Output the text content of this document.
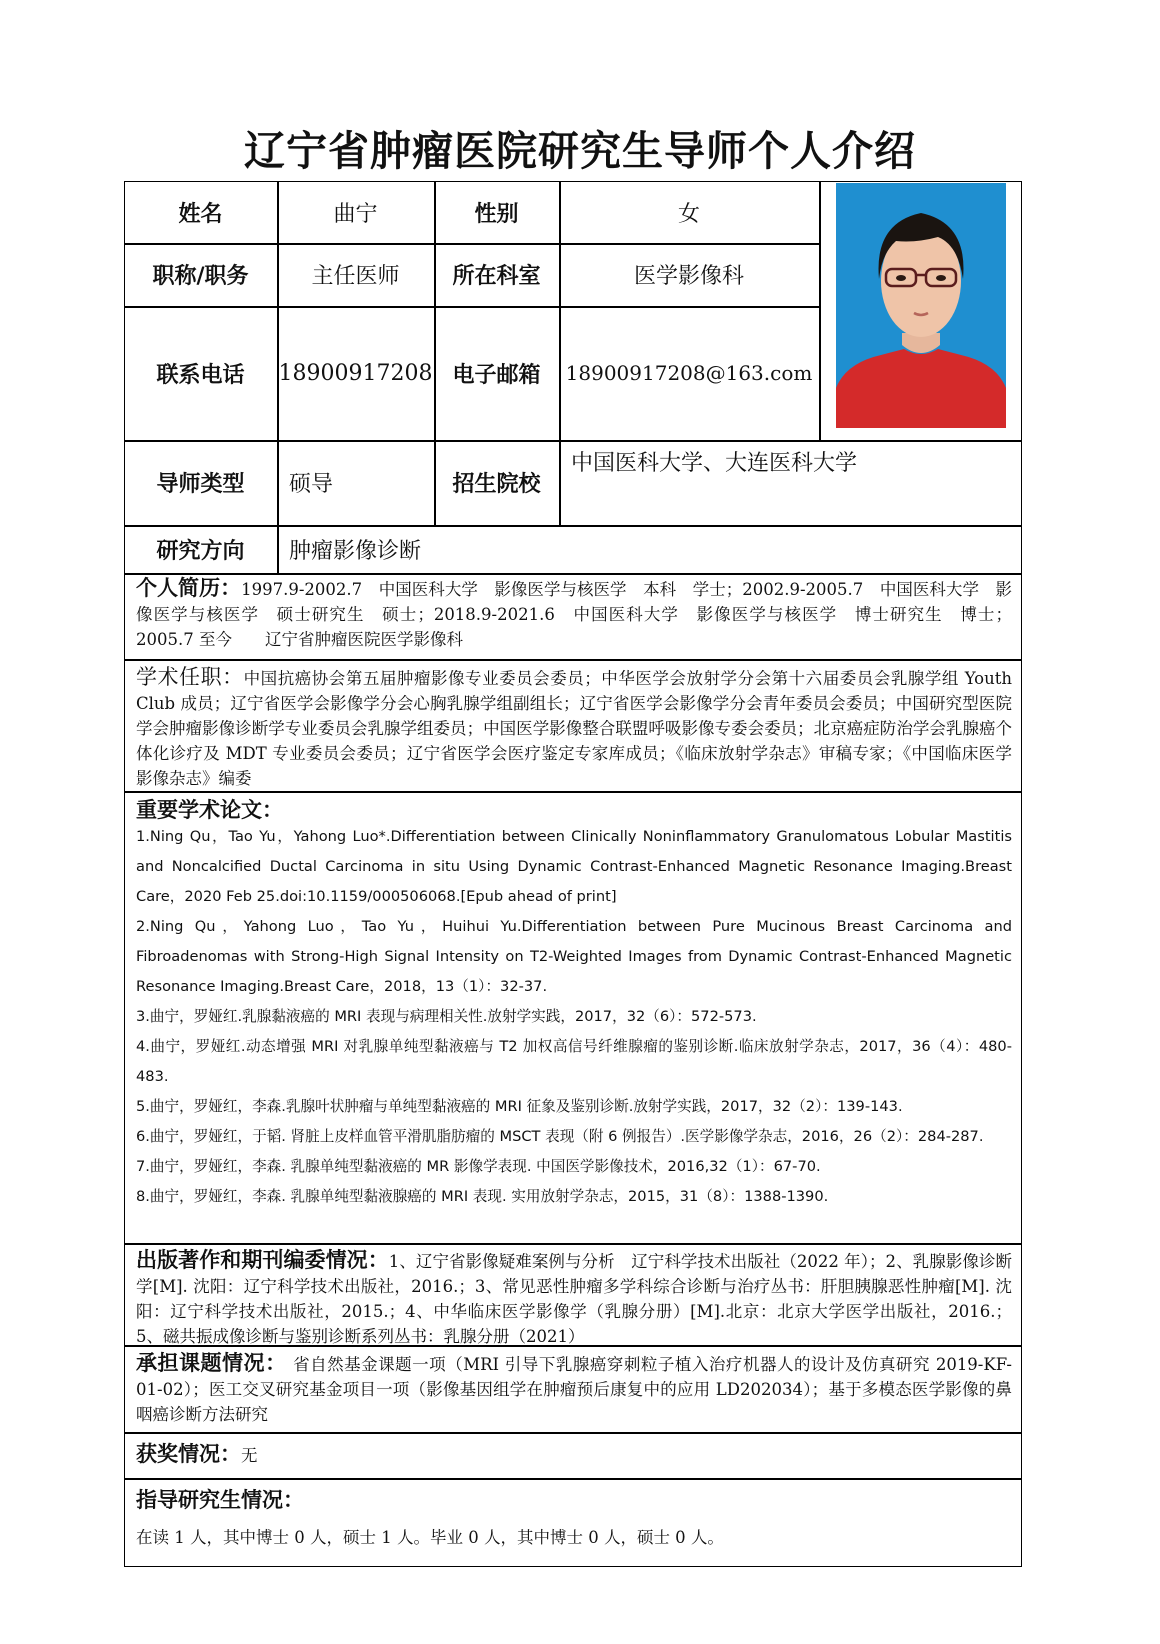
辽宁省肿瘤医院研究生导师个人介绍
姓名	曲宁	性别	女
职称/职务	主任医师	所在科室	医学影像科
联系电话	18900917208 电子邮箱	18900917208@163.com
导师类型	硕导	招生院校
中国医科大学、大连医科大学
研究方向	肿瘤影像诊断
个人简历：1997.9-2002.7　中国医科大学　影像医学与核医学　本科　学士；2002.9-2005.7　中国医科大学　影像医学与核医学　硕士研究生　硕士；2018.9-2021.6　中国医科大学　影像医学与核医学　博士研究生　博士；2005.7 至今　　辽宁省肿瘤医院医学影像科
学术任职：中国抗癌协会第五届肿瘤影像专业委员会委员；中华医学会放射学分会第十六届委员会乳腺学组 Youth Club 成员；辽宁省医学会影像学分会心胸乳腺学组副组长；辽宁省医学会影像学分会青年委员会委员；中国研究型医院学会肿瘤影像诊断学专业委员会乳腺学组委员；中国医学影像整合联盟呼吸影像专委会委员；北京癌症防治学会乳腺癌个体化诊疗及 MDT 专业委员会委员；辽宁省医学会医疗鉴定专家库成员；《临床放射学杂志》审稿专家；《中国临床医学影像杂志》编委
重要学术论文：
1.Ning Qu，Tao Yu，Yahong Luo*.Differentiation between Clinically Noninflammatory Granulomatous Lobular Mastitis and Noncalcified Ductal Carcinoma in situ Using Dynamic Contrast-Enhanced Magnetic Resonance Imaging.Breast Care，2020 Feb 25.doi:10.1159/000506068.[Epub ahead of print]
2.Ning Qu，Yahong Luo，Tao Yu，Huihui Yu.Differentiation between Pure Mucinous Breast Carcinoma and Fibroadenomas with Strong-High Signal Intensity on T2-Weighted Images from Dynamic Contrast-Enhanced Magnetic Resonance Imaging.Breast Care，2018，13（1）：32-37.
3.曲宁，罗娅红.乳腺黏液癌的 MRI 表现与病理相关性.放射学实践，2017，32（6）：572-573.
4.曲宁，罗娅红.动态增强 MRI 对乳腺单纯型黏液癌与 T2 加权高信号纤维腺瘤的鉴别诊断.临床放射学杂志，2017，36（4）：480-483.
5.曲宁，罗娅红，李森.乳腺叶状肿瘤与单纯型黏液癌的 MRI 征象及鉴别诊断.放射学实践，2017，32（2）：139-143.
6.曲宁，罗娅红，于韬. 肾脏上皮样血管平滑肌脂肪瘤的 MSCT 表现（附 6 例报告）.医学影像学杂志，2016，26（2）：284-287.
7.曲宁，罗娅红，李森. 乳腺单纯型黏液癌的 MR 影像学表现. 中国医学影像技术，2016,32（1）：67-70.
8.曲宁，罗娅红，李森. 乳腺单纯型黏液腺癌的 MRI 表现. 实用放射学杂志，2015，31（8）：1388-1390.
出版著作和期刊编委情况：1、辽宁省影像疑难案例与分析　辽宁科学技术出版社（2022 年）；2、乳腺影像诊断学[M]. 沈阳：辽宁科学技术出版社，2016.；3、常见恶性肿瘤多学科综合诊断与治疗丛书：肝胆胰腺恶性肿瘤[M]. 沈阳：辽宁科学技术出版社，2015.；4、中华临床医学影像学（乳腺分册）[M].北京：北京大学医学出版社，2016.；5、磁共振成像诊断与鉴别诊断系列丛书：乳腺分册（2021）
承担课题情况：　 省自然基金课题一项（MRI 引导下乳腺癌穿刺粒子植入治疗机器人的设计及仿真研究 2019-KF-01-02）；医工交叉研究基金项目一项（影像基因组学在肿瘤预后康复中的应用 LD202034）；基于多模态医学影像的鼻咽癌诊断方法研究
获奖情况：无
指导研究生情况：
在读 1 人，其中博士 0 人，硕士 1 人。毕业 0 人，其中博士 0 人，硕士 0 人。
